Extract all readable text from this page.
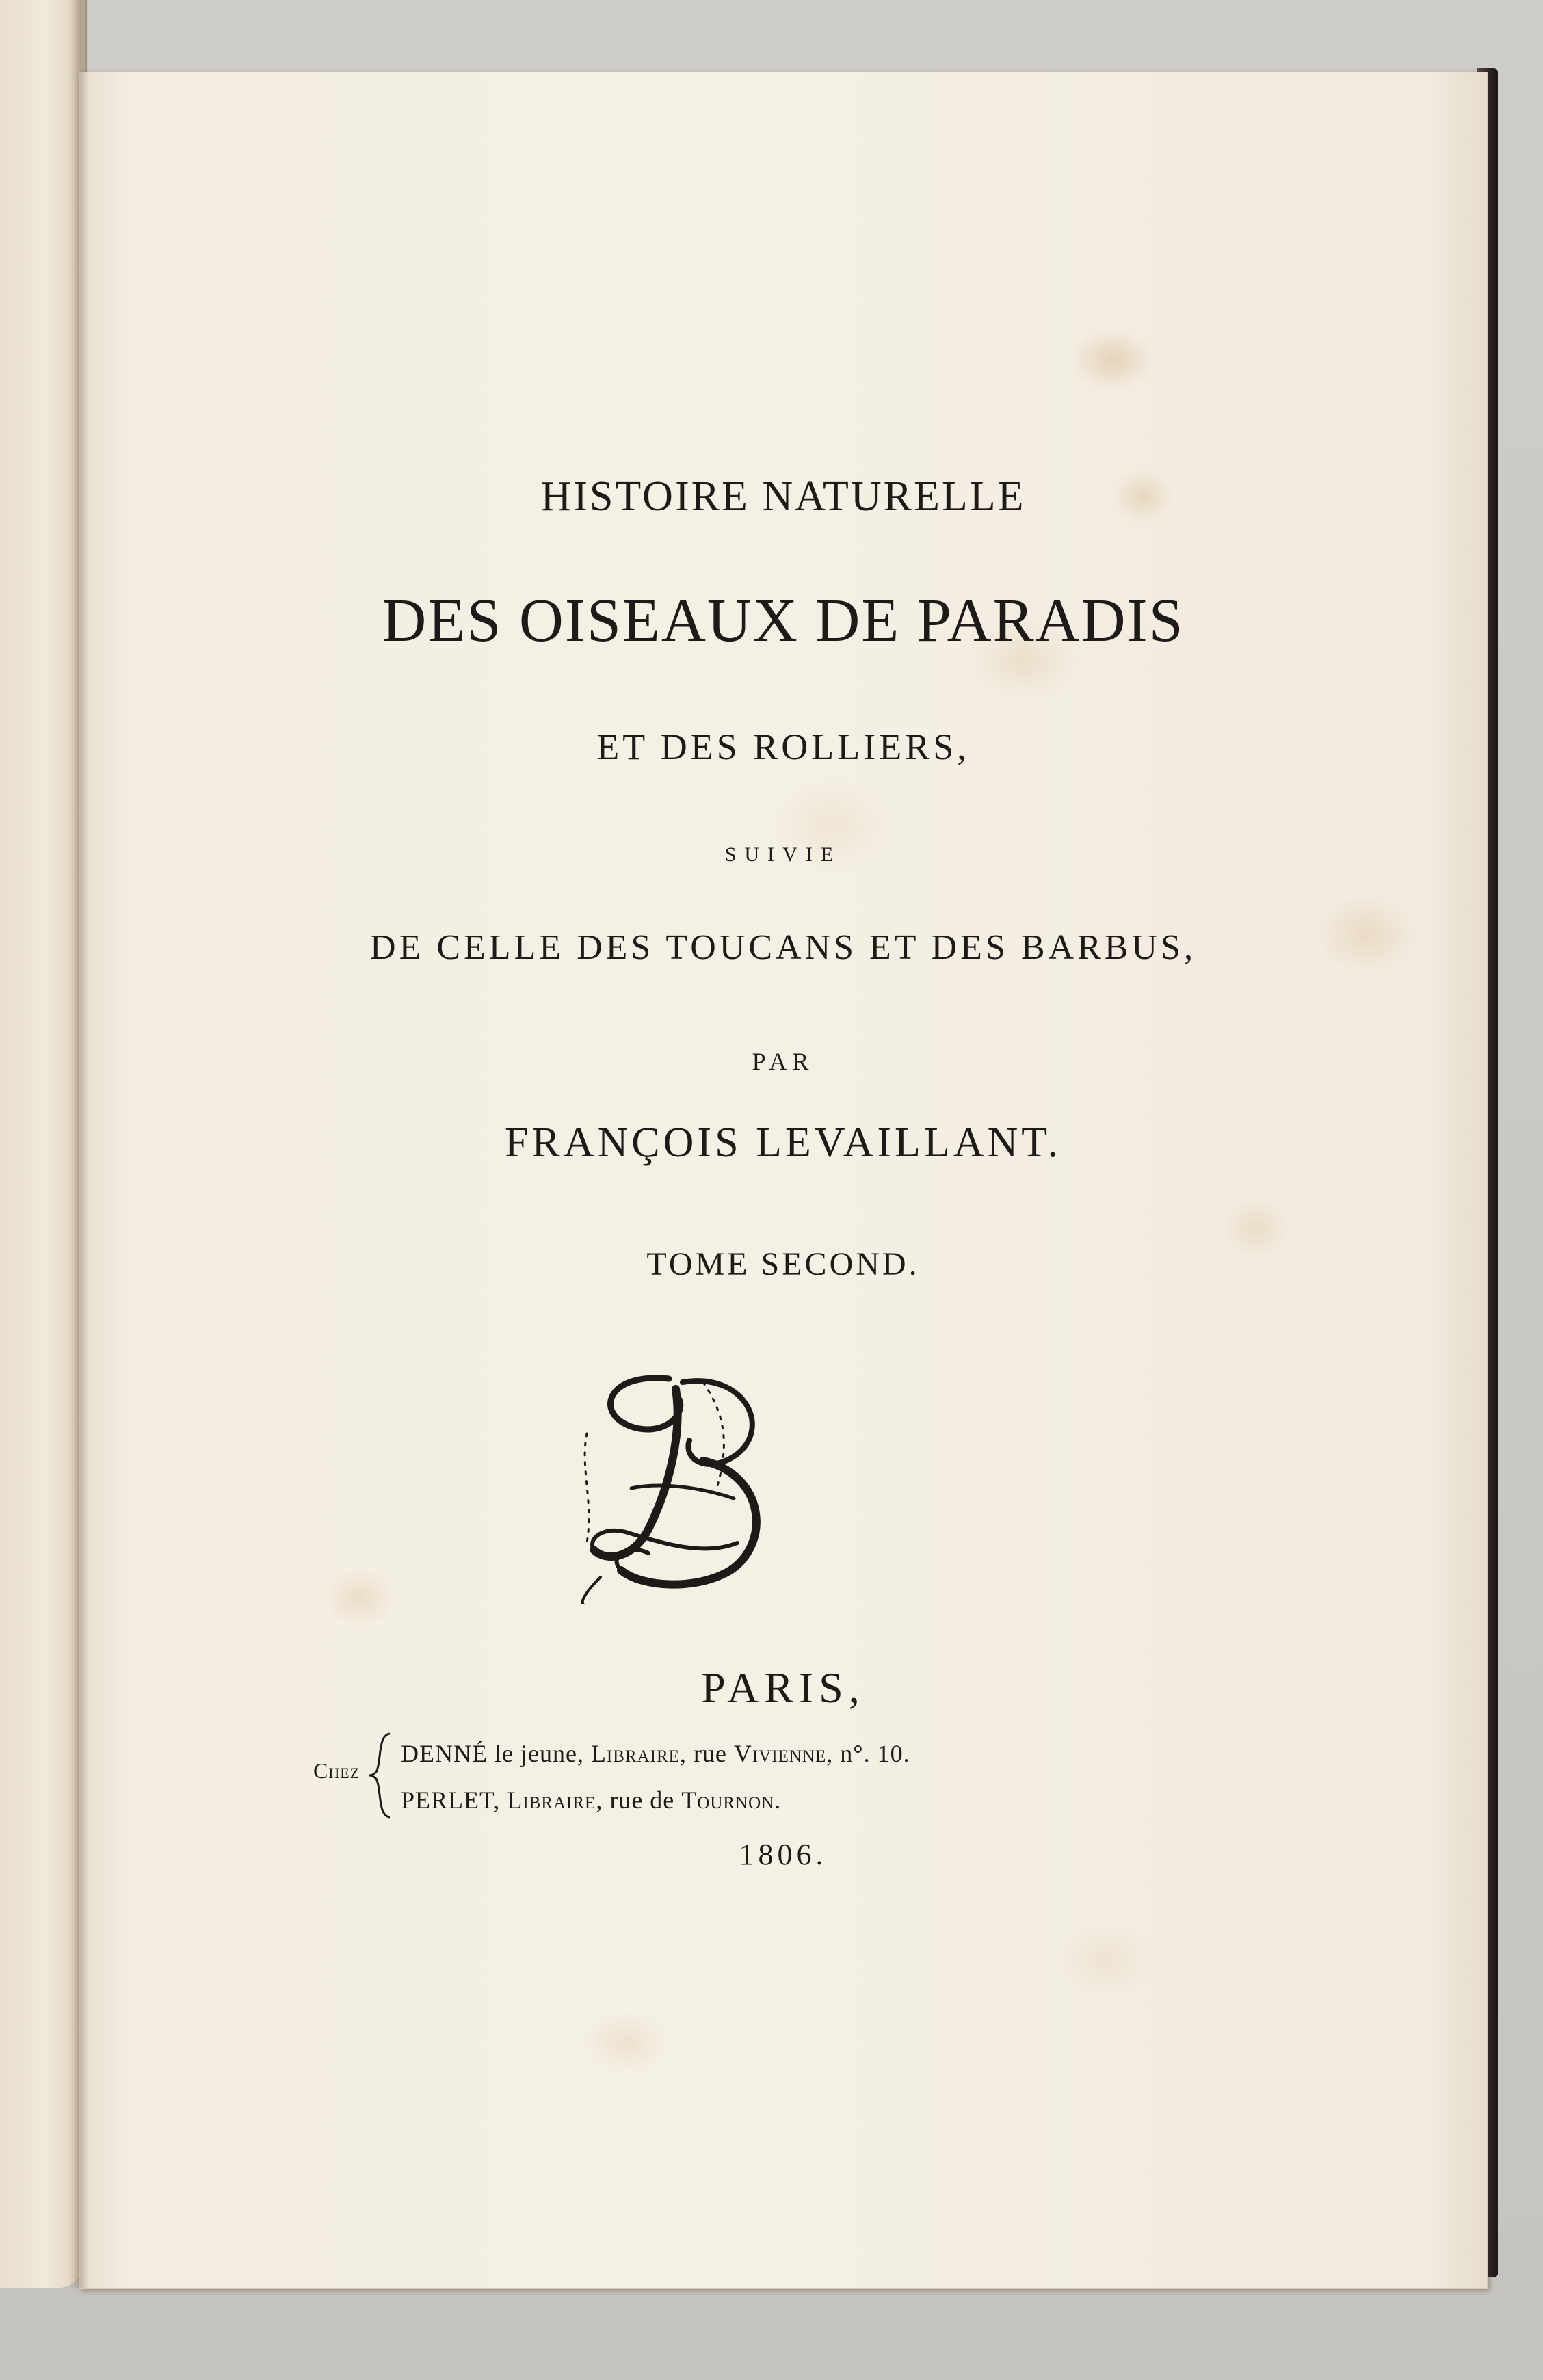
HISTOIRE NATURELLE
DES OISEAUX DE PARADIS
ET DES ROLLIERS,
SUIVIE
DE CELLE DES TOUCANS ET DES BARBUS,
PAR
FRANÇOIS LEVAILLANT.
TOME SECOND.
PARIS,
Chez
DENNÉ le jeune, Libraire, rue Vivienne, n°. 10.
PERLET, Libraire, rue de Tournon.
1806.
